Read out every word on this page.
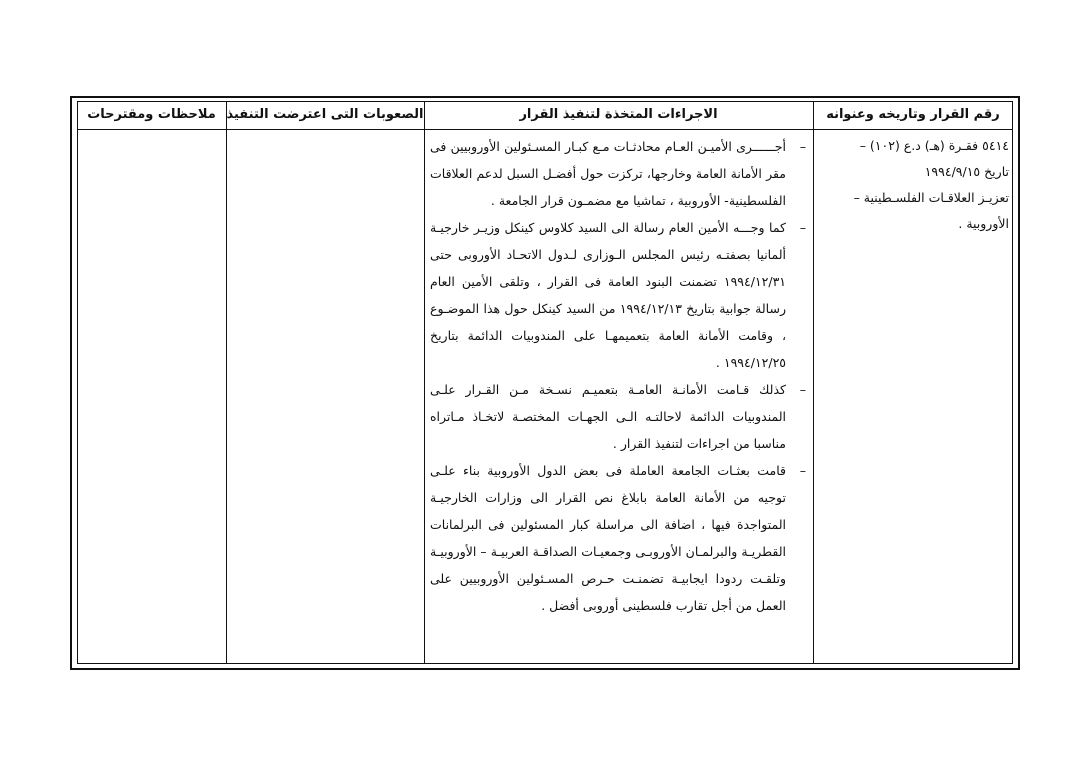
رقم القرار وتاريخه وعنوانه
الاجراءات المتخذة لتنفيذ القرار
الصعوبات التى اعترضت التنفيذ
ملاحظات ومقترحات
٥٤١٤ فقـرة (هـ) د.ع (١٠٢) –
تاريخ ١٩٩٤/٩/١٥
تعزيـز العلاقـات الفلسـطينية –
الأوروبية .
–
أجــــــرى الأميـن العـام محادثـات مـع كبـار المسـئولين الأوروبيين فى مقر الأمانة العامة وخارجها، تركزت حول أفضـل السبل لدعم العلاقات الفلسطينية- الأوروبية ، تماشيا مع مضمـون قرار الجامعة .
–
كما وجـــه الأمين العام رسالة الى السيد كلاوس كينكل وزيـر خارجيـة ألمانيا بصفتـه رئيس المجلس الـوزارى لـدول الاتحـاد الأوروبى حتى ١٩٩٤/١٢/٣١ تضمنت البنود العامة فى القرار ، وتلقى الأمين العام رسالة جوابية بتاريخ ١٩٩٤/١٢/١٣ من السيد كينكل حول هذا الموضـوع ، وقامت الأمانة العامة بتعميمهـا على المندوبيات الدائمة بتاريخ ١٩٩٤/١٢/٢٥ .
–
كذلك قـامت الأمانـة العامـة بتعميـم نسـخة مـن القـرار علـى المندوبيات الدائمة لاحالتـه الـى الجهـات المختصـة لاتخـاذ مـاتراه مناسبا من اجراءات لتنفيذ القرار .
–
قامت بعثـات الجامعة العاملة فى بعض الدول الأوروبية بناء علـى توجيه من الأمانة العامة بابلاغ نص القرار الى وزارات الخارجيـة المتواجدة فيها ، اضافة الى مراسلة كبار المسئولين فى البرلمانات القطريـة والبرلمـان الأوروبـى وجمعيـات الصداقـة العربيـة – الأوروبيـة وتلقـت ردودا ايجابيـة تضمنـت حـرص المسـئولين الأوروبيين على العمل من أجل تقارب فلسطينى أوروبى أفضل .
